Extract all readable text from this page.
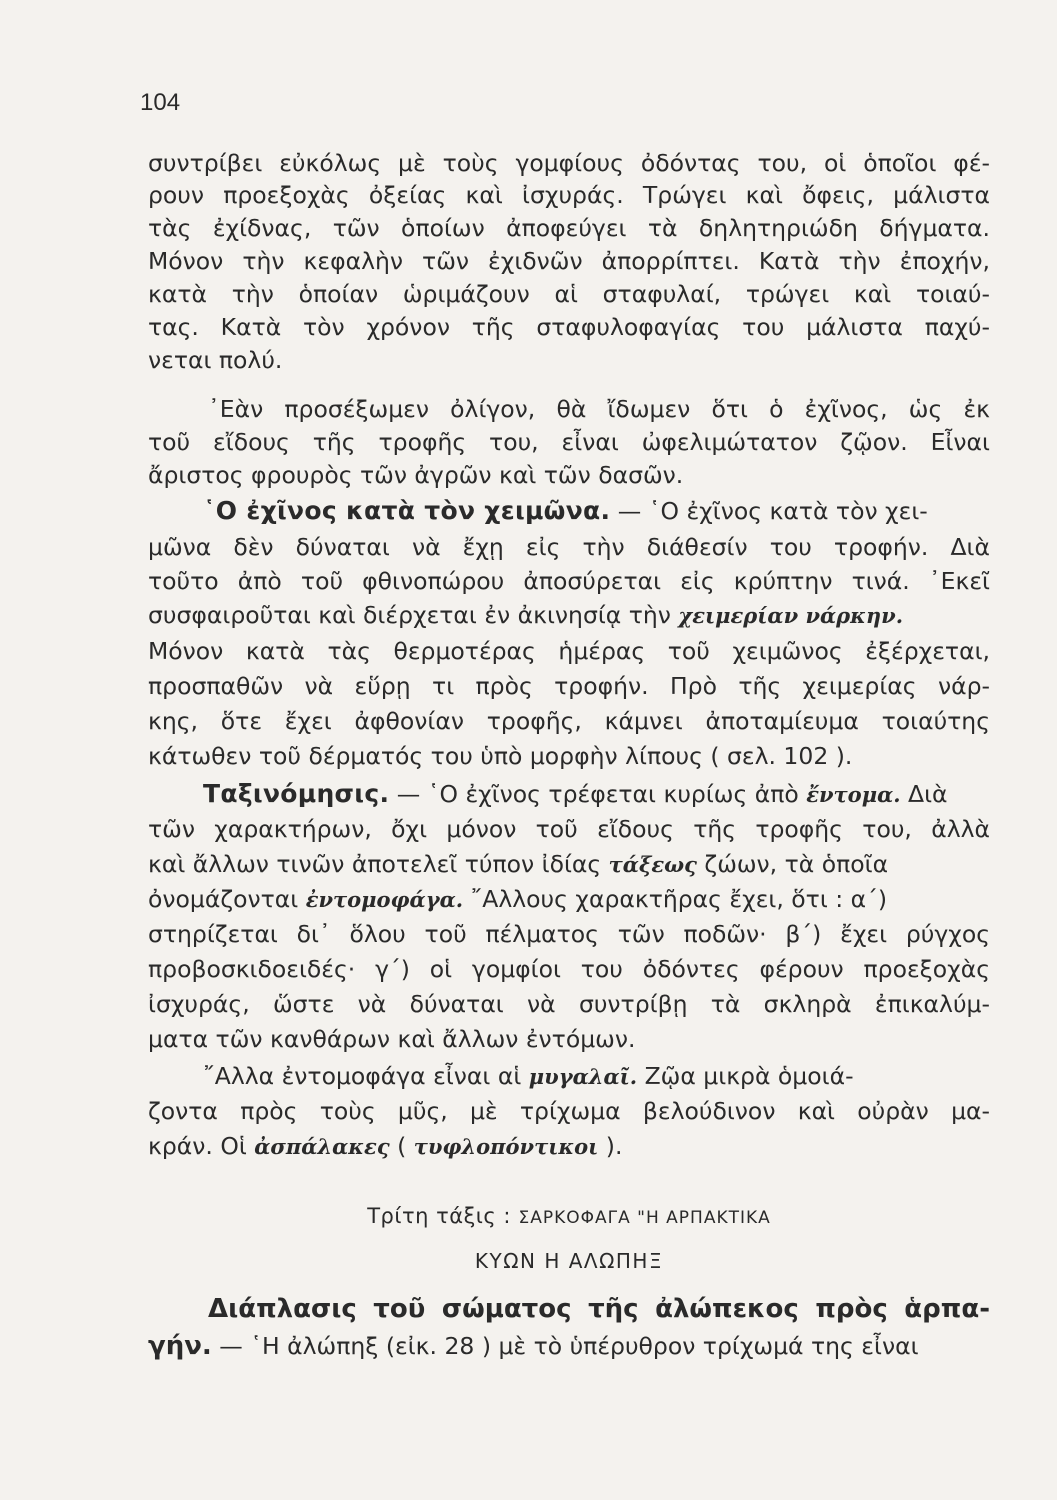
104
συντρίβει εὐκόλως μὲ τοὺς γομφίους ὀδόντας του, οἱ ὁποῖοι φέ-
ρουν προεξοχὰς ὀξείας καὶ ἰσχυράς. Τρώγει καὶ ὄφεις, μάλιστα
τὰς ἐχίδνας, τῶν ὁποίων ἀποφεύγει τὰ δηλητηριώδη δήγματα.
Μόνον τὴν κεφαλὴν τῶν ἐχιδνῶν ἀπορρίπτει. Κατὰ τὴν ἐποχήν,
κατὰ τὴν ὁποίαν ὡριμάζουν αἱ σταφυλαί, τρώγει καὶ τοιαύ-
τας. Κατὰ τὸν χρόνον τῆς σταφυλοφαγίας του μάλιστα παχύ-
νεται πολύ.
᾽Εὰν προσέξωμεν ὀλίγον, θὰ ἴδωμεν ὅτι ὁ ἐχῖνος, ὡς ἐκ
τοῦ εἴδους τῆς τροφῆς του, εἶναι ὠφελιμώτατον ζῷον. Εἶναι
ἄριστος φρουρὸς τῶν ἀγρῶν καὶ τῶν δασῶν.
῾Ο ἐχῖνος κατὰ τὸν χειμῶνα. — ῾Ο ἐχῖνος κατὰ τὸν χει-
μῶνα δὲν δύναται νὰ ἔχῃ εἰς τὴν διάθεσίν του τροφήν. Διὰ
τοῦτο ἀπὸ τοῦ φθινοπώρου ἀποσύρεται εἰς κρύπτην τινά. ᾽Εκεῖ
συσφαιροῦται καὶ διέρχεται ἐν ἀκινησίᾳ τὴν χειμερίαν νάρκην.
Μόνον κατὰ τὰς θερμοτέρας ἡμέρας τοῦ χειμῶνος ἐξέρχεται,
προσπαθῶν νὰ εὕρῃ τι πρὸς τροφήν. Πρὸ τῆς χειμερίας νάρ-
κης, ὅτε ἔχει ἀφθονίαν τροφῆς, κάμνει ἀποταμίευμα τοιαύτης
κάτωθεν τοῦ δέρματός του ὑπὸ μορφὴν λίπους ( σελ. 102 ).
Ταξινόμησις. — ῾Ο ἐχῖνος τρέφεται κυρίως ἀπὸ ἔντομα. Διὰ
τῶν χαρακτήρων, ὄχι μόνον τοῦ εἴδους τῆς τροφῆς του, ἀλλὰ
καὶ ἄλλων τινῶν ἀποτελεῖ τύπον ἰδίας τάξεως ζώων, τὰ ὁποῖα
ὀνομάζονται ἐντομοφάγα. ῎Αλλους χαρακτῆρας ἔχει, ὅτι : α΄)
στηρίζεται δι᾽ ὅλου τοῦ πέλματος τῶν ποδῶν· β΄) ἔχει ρύγχος
προβοσκιδοειδές· γ΄) οἱ γομφίοι του ὀδόντες φέρουν προεξοχὰς
ἰσχυράς, ὥστε νὰ δύναται νὰ συντρίβῃ τὰ σκληρὰ ἐπικαλύμ-
ματα τῶν κανθάρων καὶ ἄλλων ἐντόμων.
῎Αλλα ἐντομοφάγα εἶναι αἱ μυγαλαῖ. Ζῷα μικρὰ ὁμοιά-
ζοντα πρὸς τοὺς μῦς, μὲ τρίχωμα βελούδινον καὶ οὐρὰν μα-
κράν. Οἱ ἀσπάλακες ( τυφλοπόντικοι ).
Τρίτη τάξις : ΣΑΡΚΟΦΑΓΑ "Η ΑΡΠΑΚΤΙΚΑ
ΚΥΩΝ Η ΑΛΩΠΗΞ
Διάπλασις τοῦ σώματος τῆς ἀλώπεκος πρὸς ἁρπα-
γήν. — ῾Η ἀλώπηξ (εἰκ. 28 ) μὲ τὸ ὑπέρυθρον τρίχωμά της εἶναι
